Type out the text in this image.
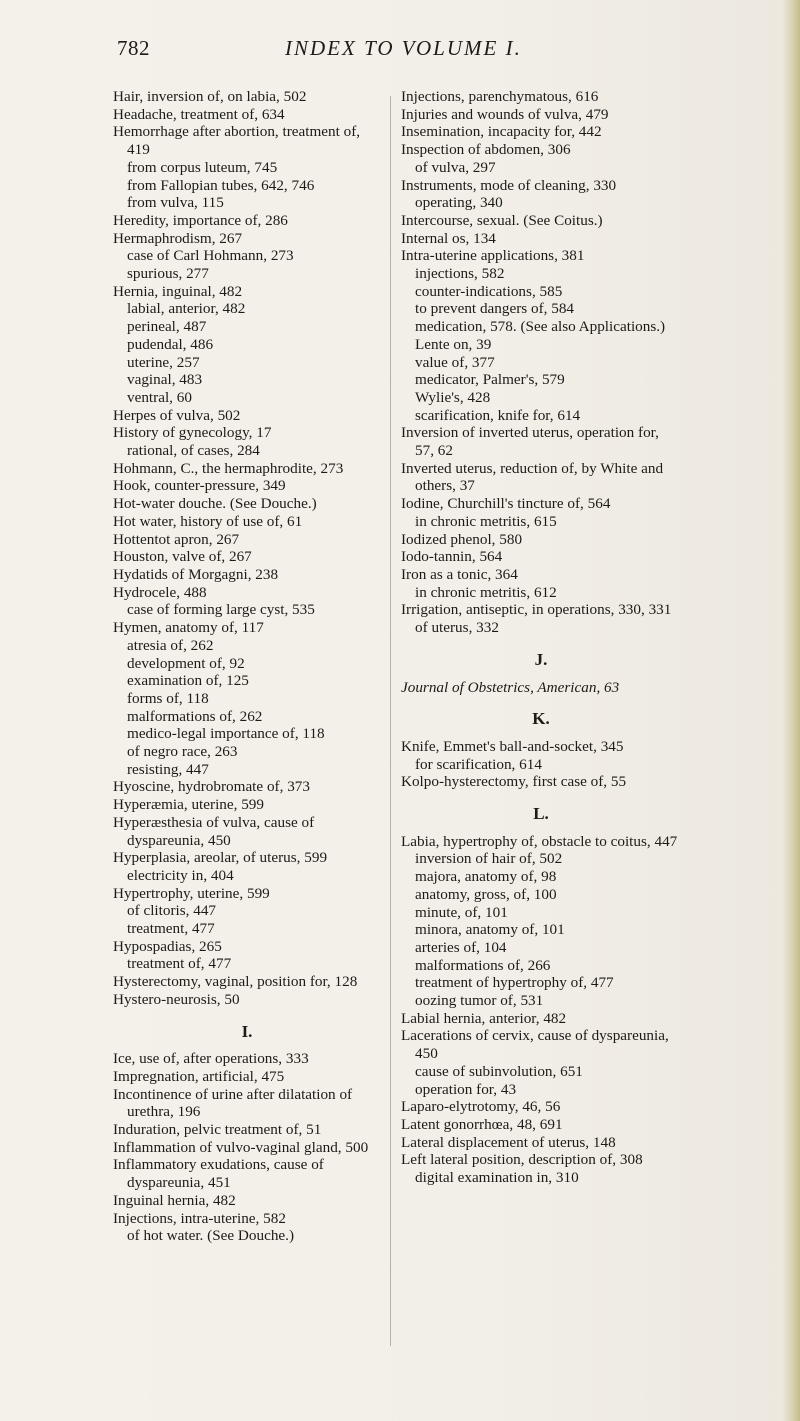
782	INDEX TO VOLUME I.
Hair, inversion of, on labia, 502
Headache, treatment of, 634
Hemorrhage after abortion, treatment of, 419
from corpus luteum, 745
from Fallopian tubes, 642, 746
from vulva, 115
Heredity, importance of, 286
Hermaphrodism, 267
case of Carl Hohmann, 273
spurious, 277
Hernia, inguinal, 482
labial, anterior, 482
perineal, 487
pudendal, 486
uterine, 257
vaginal, 483
ventral, 60
Herpes of vulva, 502
History of gynecology, 17
rational, of cases, 284
Hohmann, C., the hermaphrodite, 273
Hook, counter-pressure, 349
Hot-water douche. (See Douche.)
Hot water, history of use of, 61
Hottentot apron, 267
Houston, valve of, 267
Hydatids of Morgagni, 238
Hydrocele, 488
case of forming large cyst, 535
Hymen, anatomy of, 117
atresia of, 262
development of, 92
examination of, 125
forms of, 118
malformations of, 262
medico-legal importance of, 118
of negro race, 263
resisting, 447
Hyoscine, hydrobromate of, 373
Hyperæmia, uterine, 599
Hyperæsthesia of vulva, cause of dyspareunia, 450
Hyperplasia, areolar, of uterus, 599
electricity in, 404
Hypertrophy, uterine, 599
of clitoris, 447
treatment, 477
Hypospadias, 265
treatment of, 477
Hysterectomy, vaginal, position for, 128
Hystero-neurosis, 50
I.
Ice, use of, after operations, 333
Impregnation, artificial, 475
Incontinence of urine after dilatation of urethra, 196
Induration, pelvic treatment of, 51
Inflammation of vulvo-vaginal gland, 500
Inflammatory exudations, cause of dyspareunia, 451
Inguinal hernia, 482
Injections, intra-uterine, 582
of hot water. (See Douche.)
Injections, parenchymatous, 616
Injuries and wounds of vulva, 479
Insemination, incapacity for, 442
Inspection of abdomen, 306
of vulva, 297
Instruments, mode of cleaning, 330
operating, 340
Intercourse, sexual. (See Coitus.)
Internal os, 134
Intra-uterine applications, 381
injections, 582
counter-indications, 585
to prevent dangers of, 584
medication, 578. (See also Applications.)
Lente on, 39
value of, 377
medicator, Palmer's, 579
Wylie's, 428
scarification, knife for, 614
Inversion of inverted uterus, operation for, 57, 62
Inverted uterus, reduction of, by White and others, 37
Iodine, Churchill's tincture of, 564
in chronic metritis, 615
Iodized phenol, 580
Iodo-tannin, 564
Iron as a tonic, 364
in chronic metritis, 612
Irrigation, antiseptic, in operations, 330, 331
of uterus, 332
J.
Journal of Obstetrics, American, 63
K.
Knife, Emmet's ball-and-socket, 345
for scarification, 614
Kolpo-hysterectomy, first case of, 55
L.
Labia, hypertrophy of, obstacle to coitus, 447
inversion of hair of, 502
majora, anatomy of, 98
anatomy, gross, of, 100
minute, of, 101
minora, anatomy of, 101
arteries of, 104
malformations of, 266
treatment of hypertrophy of, 477
oozing tumor of, 531
Labial hernia, anterior, 482
Lacerations of cervix, cause of dyspareunia, 450
cause of subinvolution, 651
operation for, 43
Laparo-elytrotomy, 46, 56
Latent gonorrhœa, 48, 691
Lateral displacement of uterus, 148
Left lateral position, description of, 308
digital examination in, 310
